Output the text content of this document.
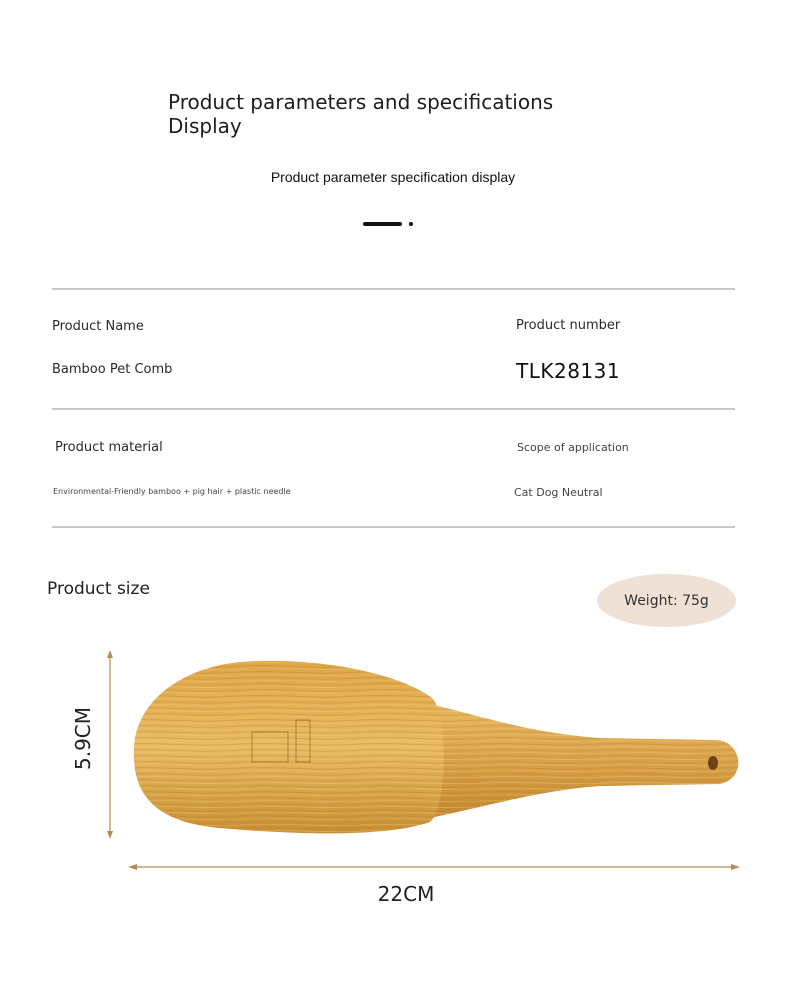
Product parameters and specifications
Display
Product parameter specification display
Product Name
Bamboo Pet Comb
Product number
TLK28131
Product material
Environmental-Friendly bamboo + pig hair + plastic needle
Scope of application
Cat Dog Neutral
Product size
Weight: 75g
5.9CM
22CM
